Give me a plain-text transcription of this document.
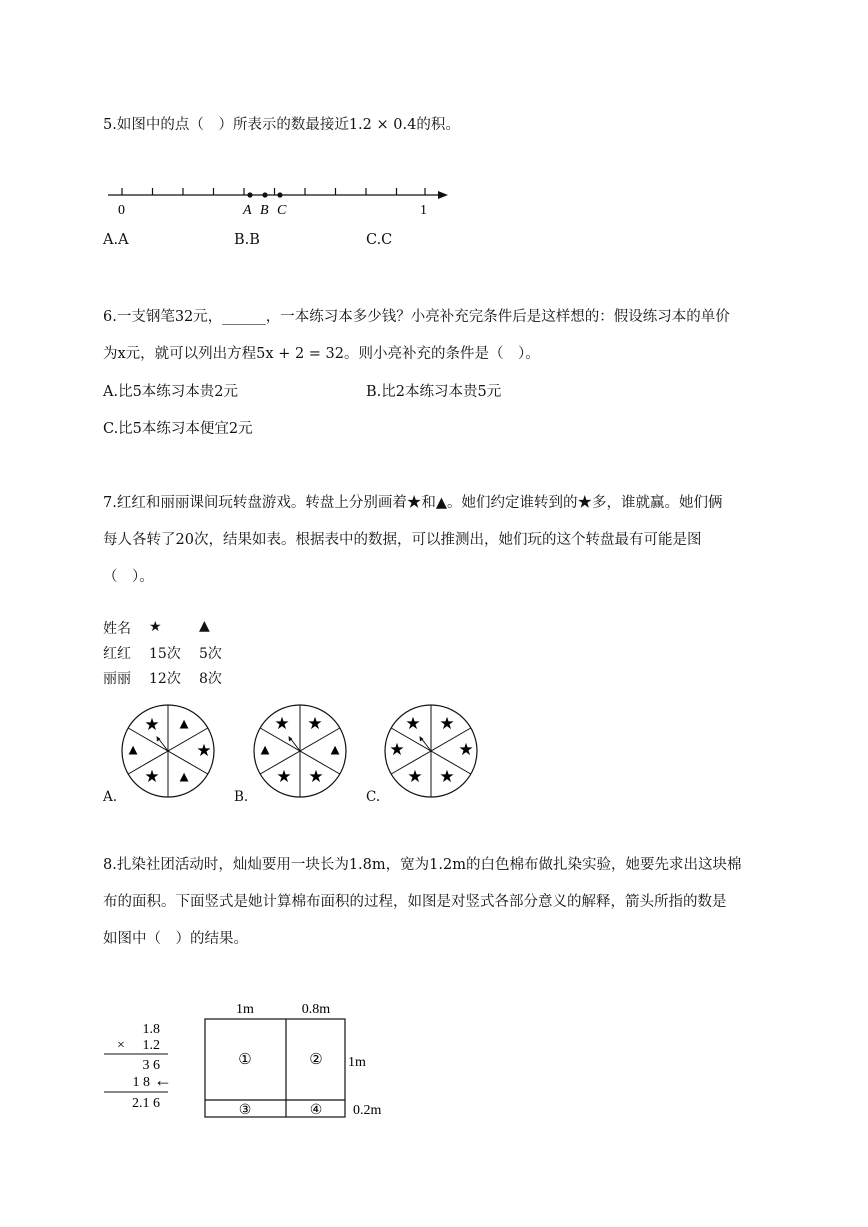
5.如图中的点（　）所表示的数最接近1.2 × 0.4的积。
0	1
A B C
A.A	B.B	C.C
6.一支钢笔32元，______，一本练习本多少钱？小亮补充完条件后是这样想的：假设练习本的单价
为x元，就可以列出方程5x + 2 = 32。则小亮补充的条件是（　）。
A.比5本练习本贵2元	B.比2本练习本贵5元
C.比5本练习本便宜2元
7.红红和丽丽课间玩转盘游戏。转盘上分别画着★和▲。她们约定谁转到的★多，谁就赢。她们俩
每人各转了20次，结果如表。根据表中的数据，可以推测出，她们玩的这个转盘最有可能是图
（　）。
姓名 ★	▲
红红 15次 5次
丽丽 12次 8次
★ ▲
★
▲
★
▲
A.
★ ★
▲
★
★
▲
B.
★ ★
★
★
★
★
C.
8.扎染社团活动时，灿灿要用一块长为1.8m，宽为1.2m的白色棉布做扎染实验，她要先求出这块棉
布的面积。下面竖式是她计算棉布面积的过程，如图是对竖式各部分意义的解释，箭头所指的数是
如图中（　）的结果。
1.8
× 1.2
3 6
1 8 ←
2.1 6
1m	0.8m
1m
0.2m
①	②
③	④
